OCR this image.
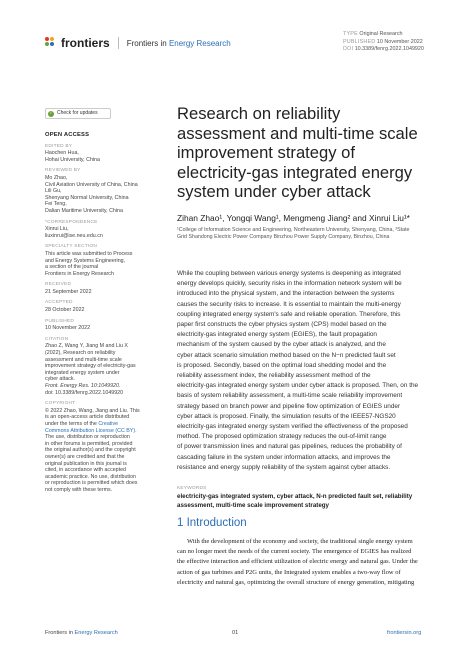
frontiers Frontiers in Energy Research
TYPE Original Research
PUBLISHED 10 November 2022
DOI 10.3389/fenrg.2022.1049920
✓ Check for updates
OPEN ACCESS
EDITED BY
Haochen Hua,
Hohai University, China
REVIEWED BY
Mo Zhao,
Civil Aviation University of China, China
Lili Gu,
Shenyang Normal University, China
Fei Teng,
Dalian Maritime University, China
*CORRESPONDENCE
Xinrui Liu,
liuxinrui@ise.neu.edu.cn
SPECIALTY SECTION
This article was submitted to Process
and Energy Systems Engineering,
a section of the journal
Frontiers in Energy Research
RECEIVED
21 September 2022
ACCEPTED
28 October 2022
PUBLISHED
10 November 2022
CITATION
Zhao Z, Wang Y, Jiang M and Liu X
(2022), Research on reliability
assessment and multi-time scale
improvement strategy of electricity-gas
integrated energy system under
cyber attack.
Front. Energy Res. 10:1049920.
doi: 10.3389/fenrg.2022.1049920
COPYRIGHT
© 2022 Zhao, Wang, Jiang and Liu. This
is an open-access article distributed
under the terms of the Creative
Commons Attribution License (CC BY).
The use, distribution or reproduction
in other forums is permitted, provided
the original author(s) and the copyright
owner(s) are credited and that the
original publication in this journal is
cited, in accordance with accepted
academic practice. No use, distribution
or reproduction is permitted which does
not comply with these terms.
Research on reliability
assessment and multi-time scale
improvement strategy of
electricity-gas integrated energy
system under cyber attack
Zihan Zhao¹, Yongqi Wang¹, Mengmeng Jiang² and Xinrui Liu¹*
¹College of Information Science and Engineering, Northeastern University, Shenyang, China, ²State
Grid Shandong Electric Power Company Binzhou Power Supply Company, Binzhou, China
While the coupling between various energy systems is deepening as integrated
energy develops quickly, security risks in the information network system will be
introduced into the physical system, and the interaction between the systems
causes the security risks to increase. It is essential to maintain the multi-energy
coupling integrated energy system's safe and reliable operation. Therefore, this
paper first constructs the cyber physics system (CPS) model based on the
electricity-gas integrated energy system (EGIES), the fault propagation
mechanism of the system caused by the cyber attack is analyzed, and the
cyber attack scenario simulation method based on the N−n predicted fault set
is proposed. Secondly, based on the optimal load shedding model and the
reliability assessment index, the reliability assessment method of the
electricity-gas integrated energy system under cyber attack is proposed. Then, on the
basis of system reliability assessment, a multi-time scale reliability improvement
strategy based on branch power and pipeline flow optimization of EGIES under
cyber attack is proposed. Finally, the simulation results of the IEEE57-NGS20
electricity-gas integrated energy system verified the effectiveness of the proposed
method. The proposed optimization strategy reduces the out-of-limit range
of power transmission lines and natural gas pipelines, reduces the probability of
cascading failure in the system under information attacks, and improves the
resistance and energy supply reliability of the system against cyber attacks.
KEYWORDS
electricity-gas integrated system, cyber attack, N-n predicted fault set, reliability
assessment, multi-time scale improvement strategy
1 Introduction
With the development of the economy and society, the traditional single energy system
can no longer meet the needs of the current society. The emergence of EGIES has realized
the effective interaction and efficient utilization of electric energy and natural gas. Under the
action of gas turbines and P2G units, the Integrated system enables a two-way flow of
electricity and natural gas, optimizing the overall structure of energy generation, mitigating
Frontiers in Energy Research	01	frontiersin.org
